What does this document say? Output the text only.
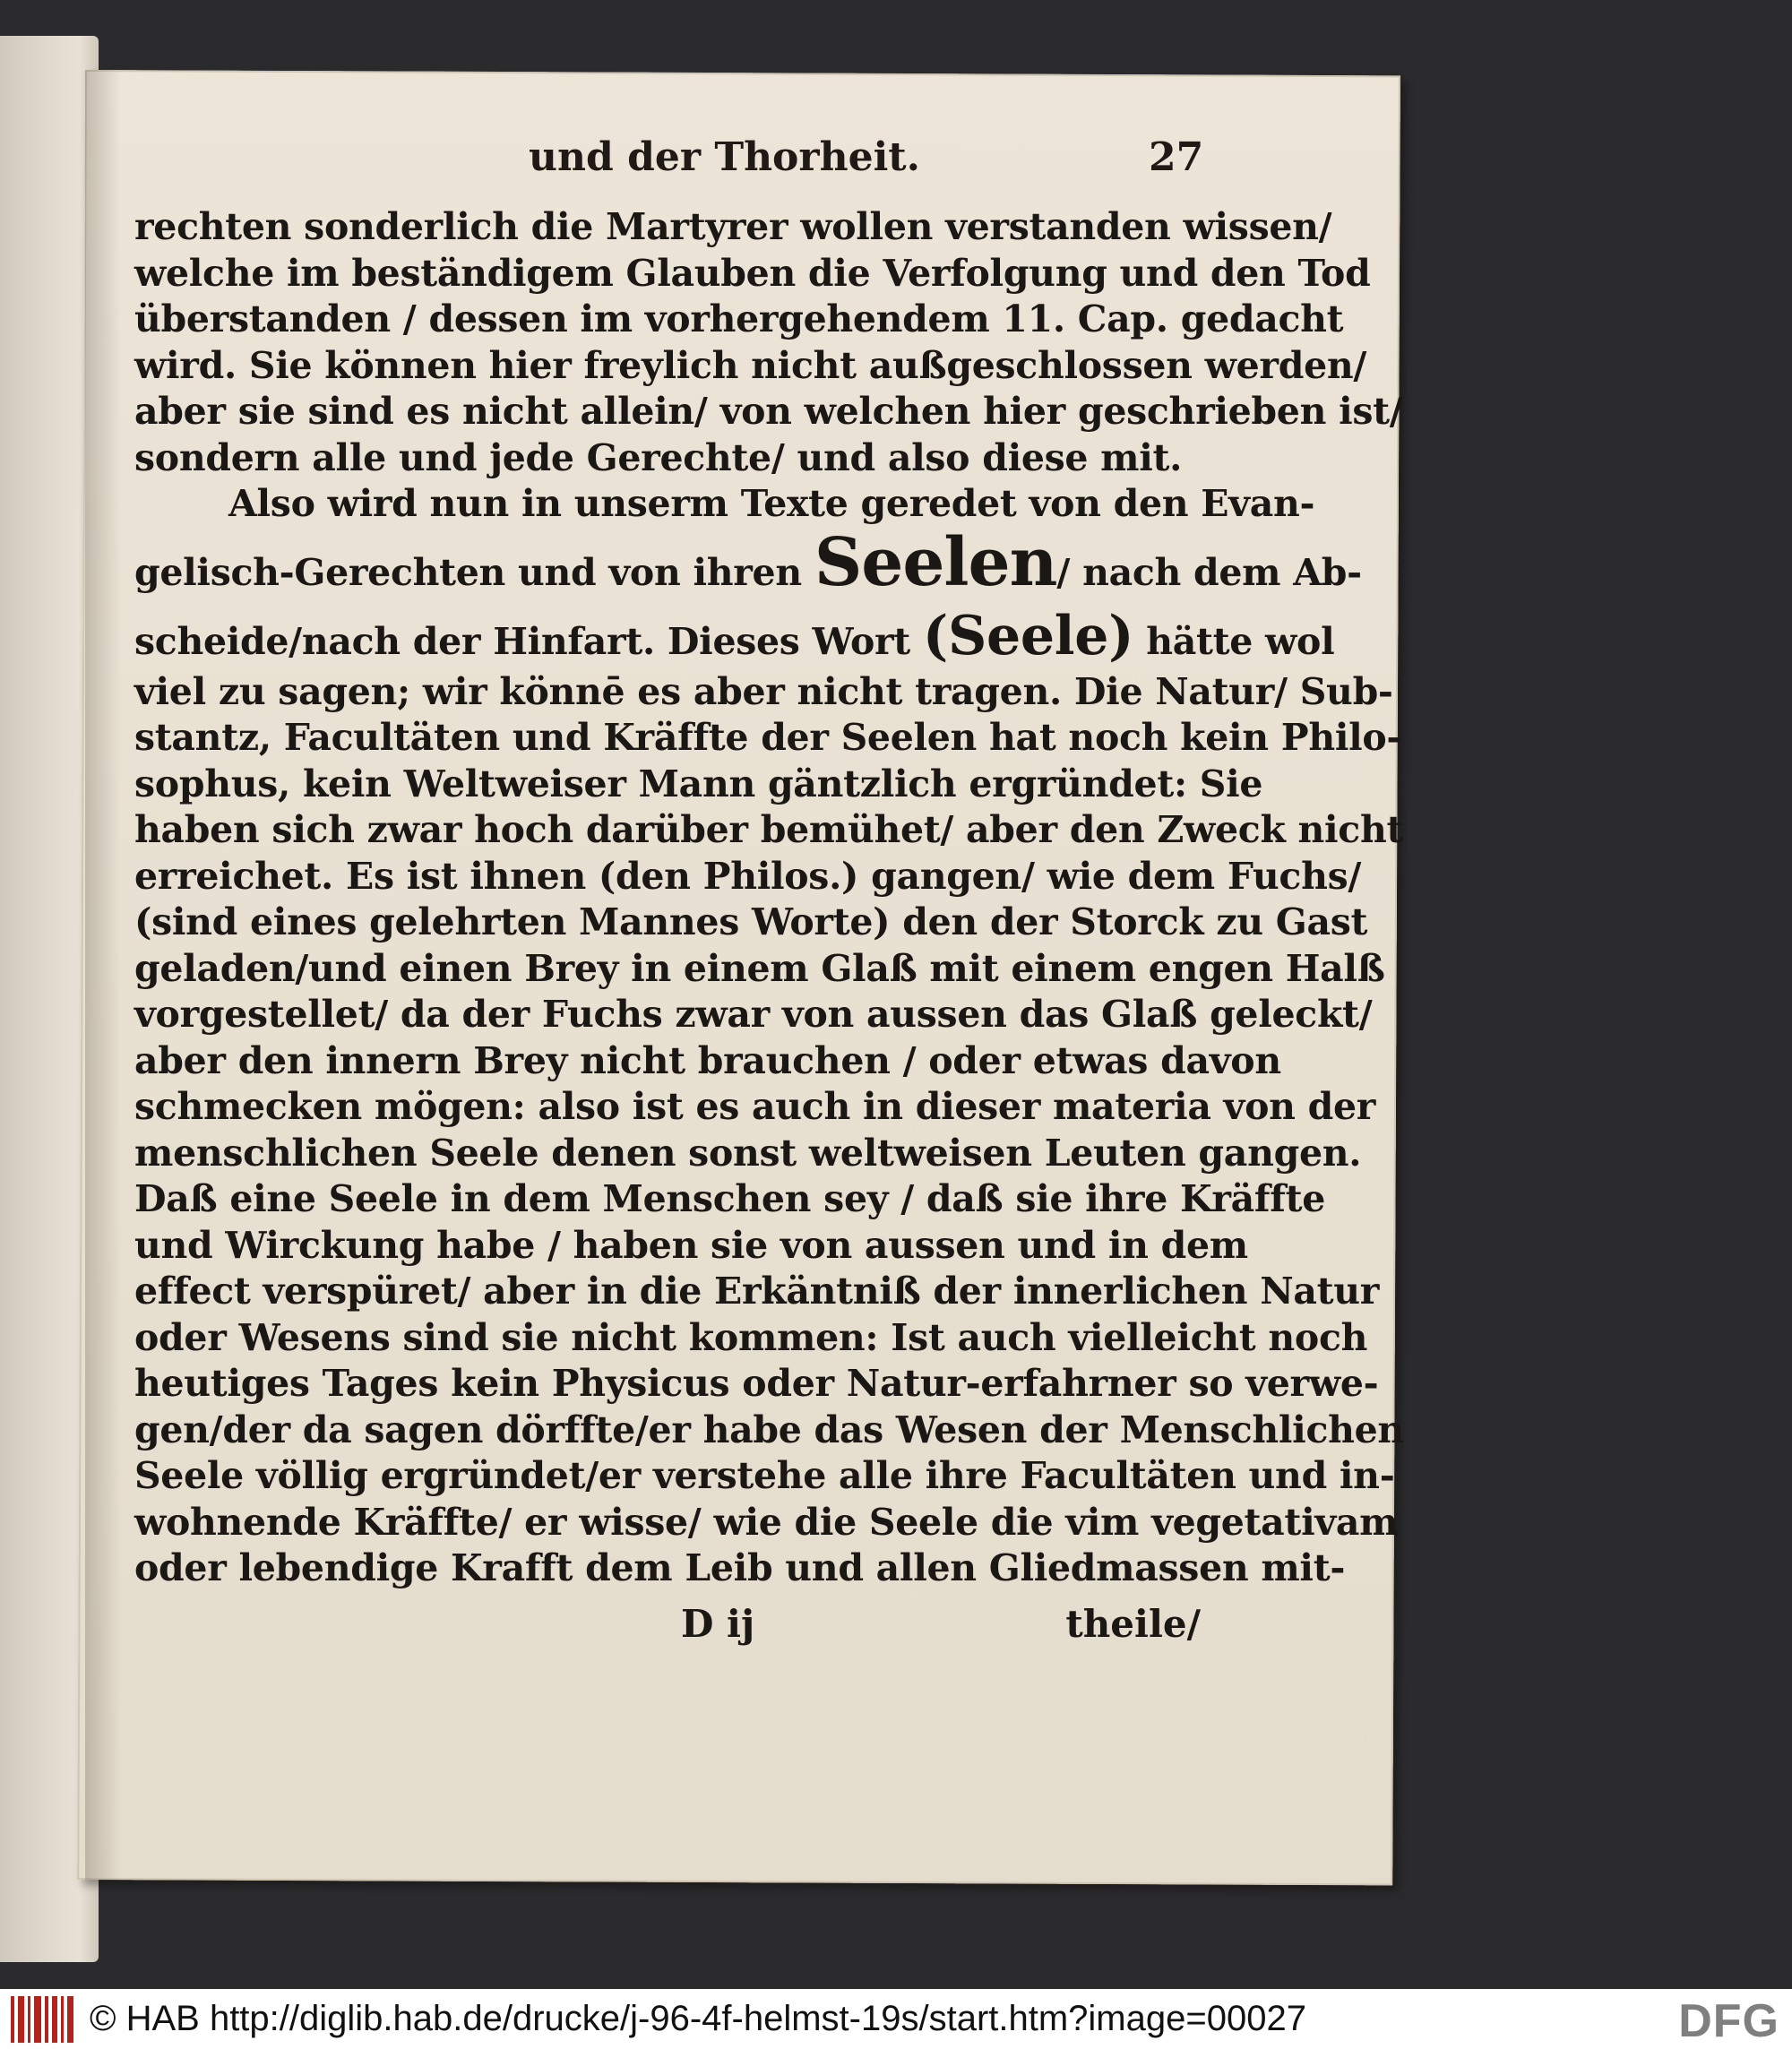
und der Thorheit.	27
rechten sonderlich die Martyrer wollen verstanden wissen/
welche im beständigem Glauben die Verfolgung und den Tod
überstanden / dessen im vorhergehendem 11. Cap. gedacht
wird. Sie können hier freylich nicht außgeschlossen werden/
aber sie sind es nicht allein/ von welchen hier geschrieben ist/
sondern alle und jede Gerechte/ und also diese mit.
Also wird nun in unserm Texte geredet von den Evan-
gelisch-Gerechten und von ihren Seelen/ nach dem Ab-
scheide/nach der Hinfart. Dieses Wort (Seele) hätte wol
viel zu sagen; wir könnē es aber nicht tragen. Die Natur/ Sub-
stantz, Facultäten und Kräffte der Seelen hat noch kein Philo-
sophus, kein Weltweiser Mann gäntzlich ergründet: Sie
haben sich zwar hoch darüber bemühet/ aber den Zweck nicht
erreichet. Es ist ihnen (den Philos.) gangen/ wie dem Fuchs/
(sind eines gelehrten Mannes Worte) den der Storck zu Gast
geladen/und einen Brey in einem Glaß mit einem engen Halß
vorgestellet/ da der Fuchs zwar von aussen das Glaß geleckt/
aber den innern Brey nicht brauchen / oder etwas davon
schmecken mögen: also ist es auch in dieser materia von der
menschlichen Seele denen sonst weltweisen Leuten gangen.
Daß eine Seele in dem Menschen sey / daß sie ihre Kräffte
und Wirckung habe / haben sie von aussen und in dem
effect verspüret/ aber in die Erkäntniß der innerlichen Natur
oder Wesens sind sie nicht kommen: Ist auch vielleicht noch
heutiges Tages kein Physicus oder Natur-erfahrner so verwe-
gen/der da sagen dörffte/er habe das Wesen der Menschlichen
Seele völlig ergründet/er verstehe alle ihre Facultäten und in-
wohnende Kräffte/ er wisse/ wie die Seele die vim vegetativam
oder lebendige Krafft dem Leib und allen Gliedmassen mit-
D ij	theile/
© HAB http://diglib.hab.de/drucke/j-96-4f-helmst-19s/start.htm?image=00027	DFG
